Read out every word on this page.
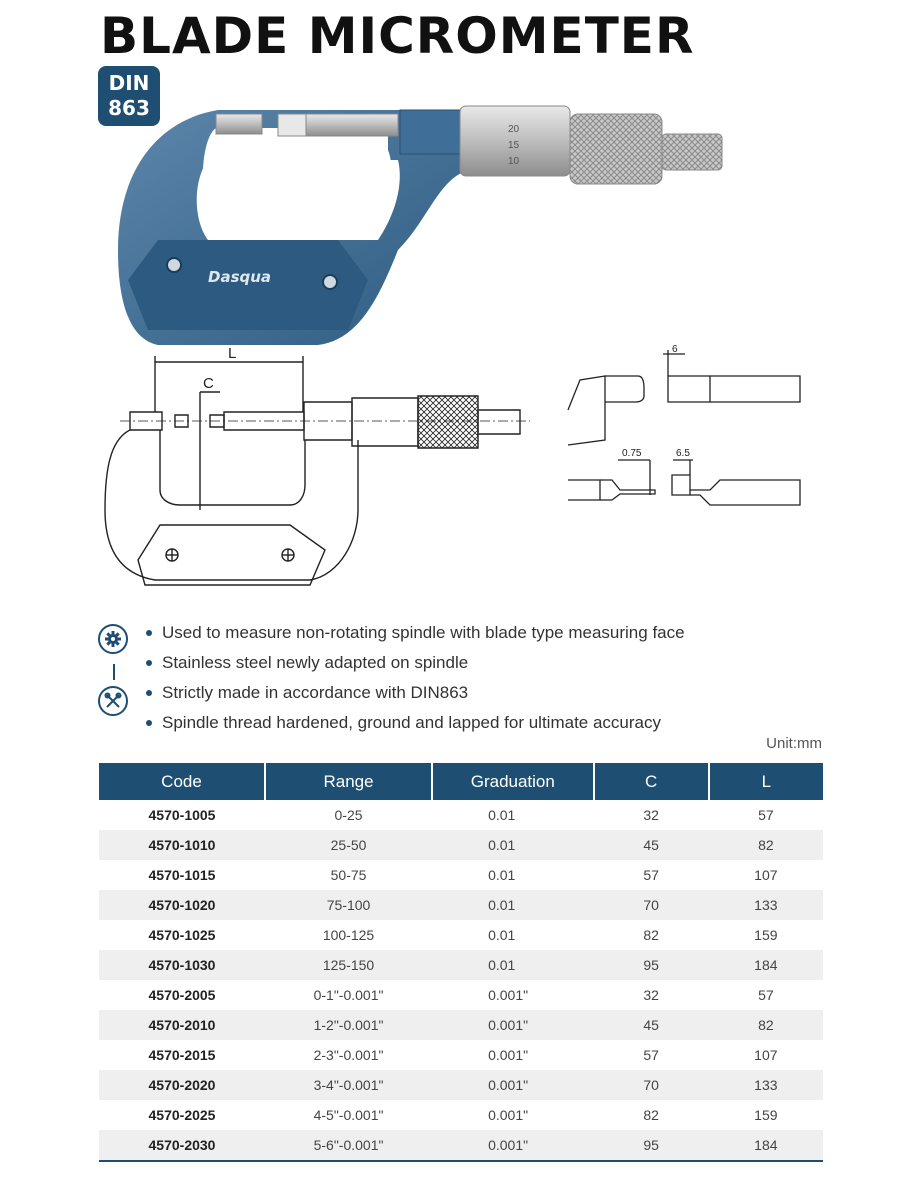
BLADE MICROMETER
DIN
863
Dasqua
20
15
10
L
C
6
0.75	6.5
Used to measure non-rotating spindle with blade type measuring face
Stainless steel newly adapted on spindle
Strictly made in accordance with DIN863
Spindle thread hardened, ground and lapped for ultimate accuracy
Unit:mm
Code	Range	Graduation	C	L
4570-1005	0-25	0.01	32	57
4570-1010	25-50	0.01	45	82
4570-1015	50-75	0.01	57	107
4570-1020	75-100	0.01	70	133
4570-1025	100-125	0.01	82	159
4570-1030	125-150	0.01	95	184
4570-2005	0-1"-0.001"	0.001"	32	57
4570-2010	1-2"-0.001"	0.001"	45	82
4570-2015	2-3"-0.001"	0.001"	57	107
4570-2020	3-4"-0.001"	0.001"	70	133
4570-2025	4-5"-0.001"	0.001"	82	159
4570-2030	5-6"-0.001"	0.001"	95	184
